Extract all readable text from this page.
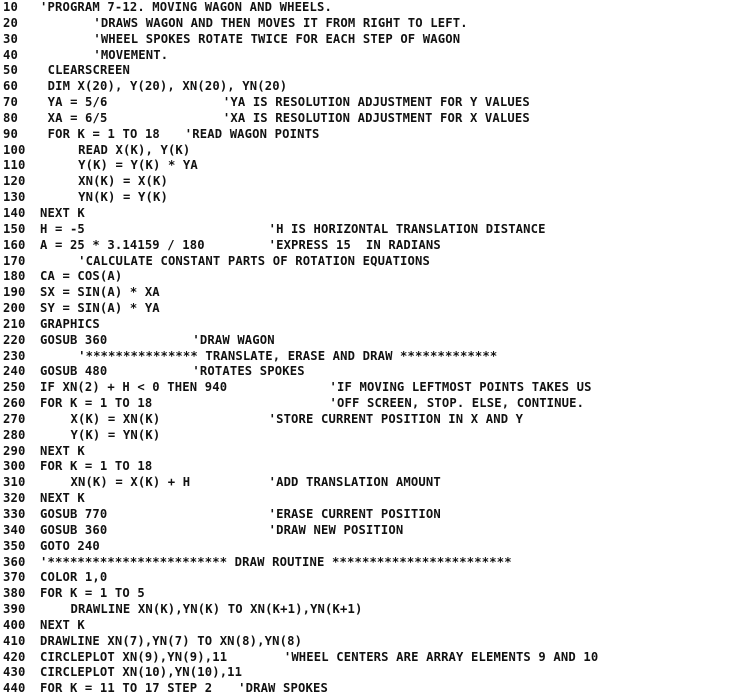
10	'PROGRAM 7-12. MOVING WAGON AND WHEELS.
20	'DRAWS WAGON AND THEN MOVES IT FROM RIGHT TO LEFT.
30	'WHEEL SPOKES ROTATE TWICE FOR EACH STEP OF WAGON
40	'MOVEMENT.
50	CLEARSCREEN
60	DIM X(20), Y(20), XN(20), YN(20)
70	YA = 5/6	'YA IS RESOLUTION ADJUSTMENT FOR Y VALUES
80	XA = 6/5	'XA IS RESOLUTION ADJUSTMENT FOR X VALUES
90	FOR K = 1 TO 18 'READ WAGON POINTS
100	READ X(K), Y(K)
110	Y(K) = Y(K) * YA
120	XN(K) = X(K)
130	YN(K) = Y(K)
140	NEXT K
150	H = -5	'H IS HORIZONTAL TRANSLATION DISTANCE
160	A = 25 * 3.14159 / 180	'EXPRESS 15  IN RADIANS
170	'CALCULATE CONSTANT PARTS OF ROTATION EQUATIONS
180	CA = COS(A)
190	SX = SIN(A) * XA
200	SY = SIN(A) * YA
210	GRAPHICS
220	GOSUB 360	'DRAW WAGON
230	'*************** TRANSLATE, ERASE AND DRAW *************
240	GOSUB 480	'ROTATES SPOKES
250	IF XN(2) + H < 0 THEN 940	'IF MOVING LEFTMOST POINTS TAKES US
260	FOR K = 1 TO 18	'OFF SCREEN, STOP. ELSE, CONTINUE.
270	X(K) = XN(K)	'STORE CURRENT POSITION IN X AND Y
280	Y(K) = YN(K)
290	NEXT K
300	FOR K = 1 TO 18
310	XN(K) = X(K) + H	'ADD TRANSLATION AMOUNT
320	NEXT K
330	GOSUB 770	'ERASE CURRENT POSITION
340	GOSUB 360	'DRAW NEW POSITION
350	GOTO 240
360	'************************ DRAW ROUTINE ************************
370	COLOR 1,0
380	FOR K = 1 TO 5
390	DRAWLINE XN(K),YN(K) TO XN(K+1),YN(K+1)
400	NEXT K
410	DRAWLINE XN(7),YN(7) TO XN(8),YN(8)
420	CIRCLEPLOT XN(9),YN(9),11	'WHEEL CENTERS ARE ARRAY ELEMENTS 9 AND 10
430	CIRCLEPLOT XN(10),YN(10),11
440	FOR K = 11 TO 17 STEP 2 'DRAW SPOKES
